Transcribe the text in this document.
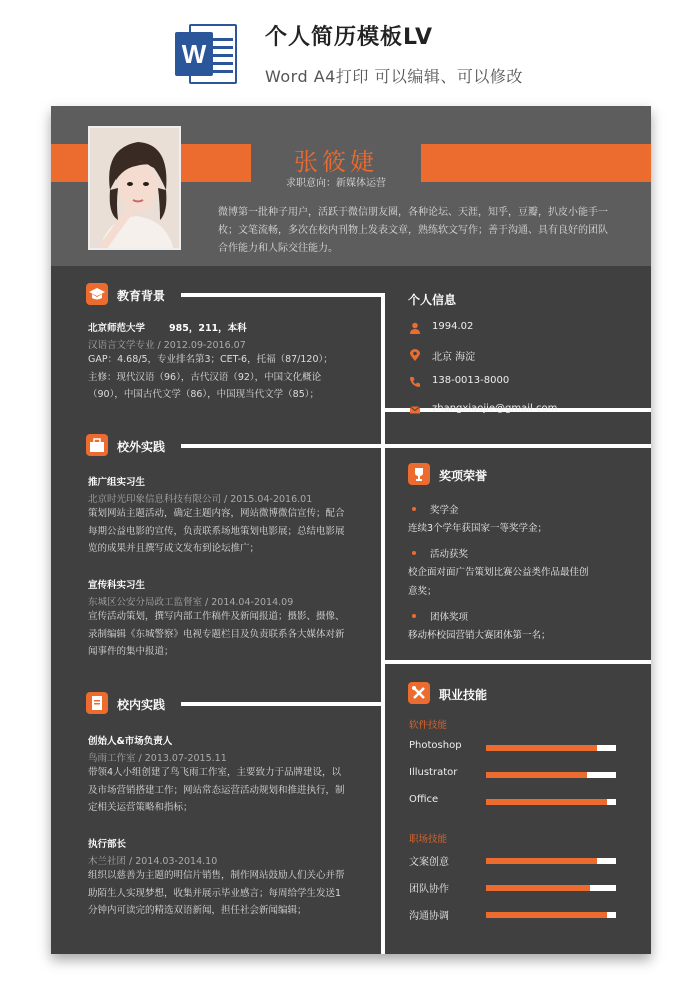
W
个人简历模板LV
Word A4打印 可以编辑、可以修改
张筱婕
求职意向：新媒体运营
微博第一批种子用户，活跃于微信朋友圈，各种论坛、天涯，知乎，豆瓣，扒皮小能手一
枚；文笔流畅，多次在校内刊物上发表文章，熟练软文写作；善于沟通、具有良好的团队
合作能力和人际交往能力。
教育背景
北京师范大学	985，211，本科
汉语言文学专业 / 2012.09-2016.07
GAP：4.68/5，专业排名第3；CET-6，托福（87/120）；
主修：现代汉语（96），古代汉语（92），中国文化概论
（90），中国古代文学（86），中国现当代文学（85）；
校外实践
推广组实习生
北京时光印象信息科技有限公司 / 2015.04-2016.01
策划网站主题活动，确定主题内容，网站微博微信宣传；配合
每期公益电影的宣传，负责联系场地策划电影展；总结电影展
览的成果并且撰写成文发布到论坛推广；
宣传科实习生
东城区公安分局政工监督室 / 2014.04-2014.09
宣传活动策划，撰写内部工作稿件及新闻报道；摄影、摄像、
录制编辑《东城警察》电视专题栏目及负责联系各大媒体对新
闻事件的集中报道；
校内实践
创始人&市场负责人
鸟雨工作室 / 2013.07-2015.11
带领4人小组创建了鸟飞雨工作室，主要致力于品牌建设，以
及市场营销搭建工作；网站常态运营活动规划和推进执行，制
定相关运营策略和指标；
执行部长
木兰社团 / 2014.03-2014.10
组织以慈善为主题的明信片销售，制作网站鼓励人们关心并帮
助陌生人实现梦想，收集并展示毕业感言；每周给学生发送1
分钟内可读完的精选双语新闻，担任社会新闻编辑；
个人信息
1994.02
北京 海淀
138-0013-8000
zhangxiaojie@gmail.com
奖项荣誉
奖学金
连续3个学年获国家一等奖学金；
活动获奖
校企面对面广告策划比赛公益类作品最佳创
意奖；
团体奖项
移动杯校园营销大赛团体第一名；
职业技能
软件技能
Photoshop
Illustrator
Office
职场技能
文案创意
团队协作
沟通协调
